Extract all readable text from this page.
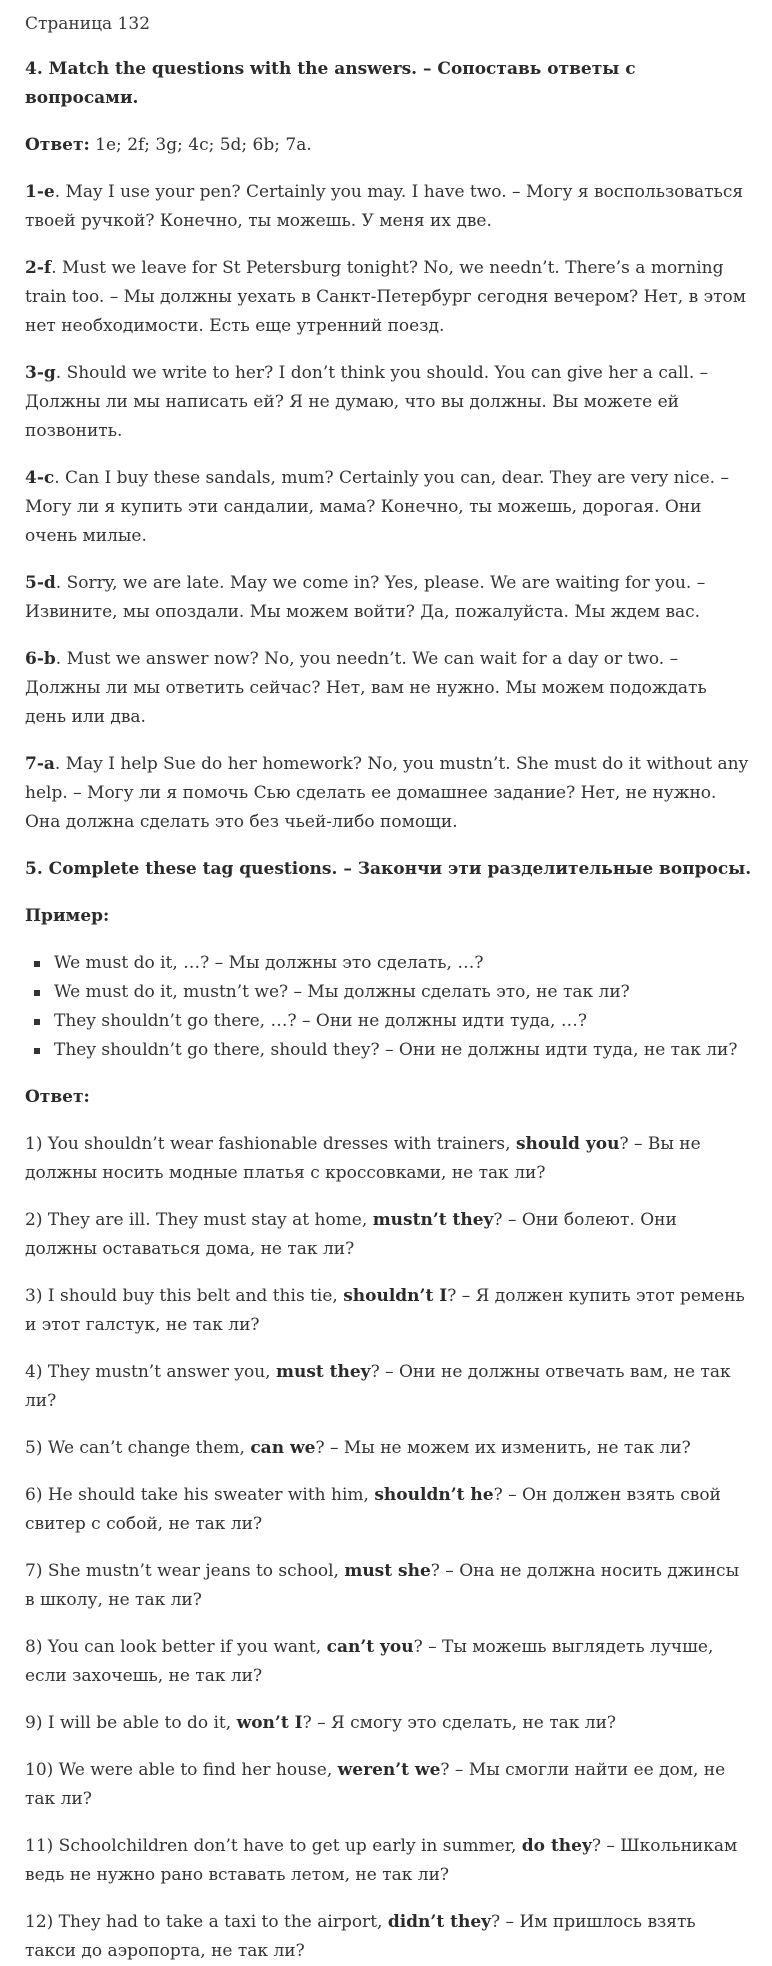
Страница 132

4. Match the questions with the answers. – Сопоставь ответы с вопросами.

Ответ: 1e; 2f; 3g; 4c; 5d; 6b; 7a.

1-e. May I use your pen? Certainly you may. I have two. – Могу я воспользоваться твоей ручкой? Конечно, ты можешь. У меня их две.

2-f. Must we leave for St Petersburg tonight? No, we needn’t. There’s a morning train too. – Мы должны уехать в Санкт-Петербург сегодня вечером? Нет, в этом нет необходимости. Есть еще утренний поезд.

3-g. Should we write to her? I don’t think you should. You can give her a call. – Должны ли мы написать ей? Я не думаю, что вы должны. Вы можете ей позвонить.

4-c. Can I buy these sandals, mum? Certainly you can, dear. They are very nice. – Могу ли я купить эти сандалии, мама? Конечно, ты можешь, дорогая. Они очень милые.

5-d. Sorry, we are late. May we come in? Yes, please. We are waiting for you. – Извините, мы опоздали. Мы можем войти? Да, пожалуйста. Мы ждем вас.

6-b. Must we answer now? No, you needn’t. We can wait for a day or two. – Должны ли мы ответить сейчас? Нет, вам не нужно. Мы можем подождать день или два.

7-a. May I help Sue do her homework? No, you mustn’t. She must do it without any help. – Могу ли я помочь Сью сделать ее домашнее задание? Нет, не нужно. Она должна сделать это без чьей-либо помощи.

5. Complete these tag questions. – Закончи эти разделительные вопросы.

Пример:

We must do it, …? – Мы должны это сделать, …?
We must do it, mustn’t we? – Мы должны сделать это, не так ли?
They shouldn’t go there, …? – Они не должны идти туда, …?
They shouldn’t go there, should they? – Они не должны идти туда, не так ли?

Ответ:

1) You shouldn’t wear fashionable dresses with trainers, should you? – Вы не должны носить модные платья с кроссовками, не так ли?

2) They are ill. They must stay at home, mustn’t they? – Они болеют. Они должны оставаться дома, не так ли?

3) I should buy this belt and this tie, shouldn’t I? – Я должен купить этот ремень и этот галстук, не так ли?

4) They mustn’t answer you, must they? – Они не должны отвечать вам, не так ли?

5) We can’t change them, can we? – Мы не можем их изменить, не так ли?

6) He should take his sweater with him, shouldn’t he? – Он должен взять свой свитер с собой, не так ли?

7) She mustn’t wear jeans to school, must she? – Она не должна носить джинсы в школу, не так ли?

8) You can look better if you want, can’t you? – Ты можешь выглядеть лучше, если захочешь, не так ли?

9) I will be able to do it, won’t I? – Я смогу это сделать, не так ли?

10) We were able to find her house, weren’t we? – Мы смогли найти ее дом, не так ли?

11) Schoolchildren don’t have to get up early in summer, do they? – Школьникам ведь не нужно рано вставать летом, не так ли?

12) They had to take a taxi to the airport, didn’t they? – Им пришлось взять такси до аэропорта, не так ли?
